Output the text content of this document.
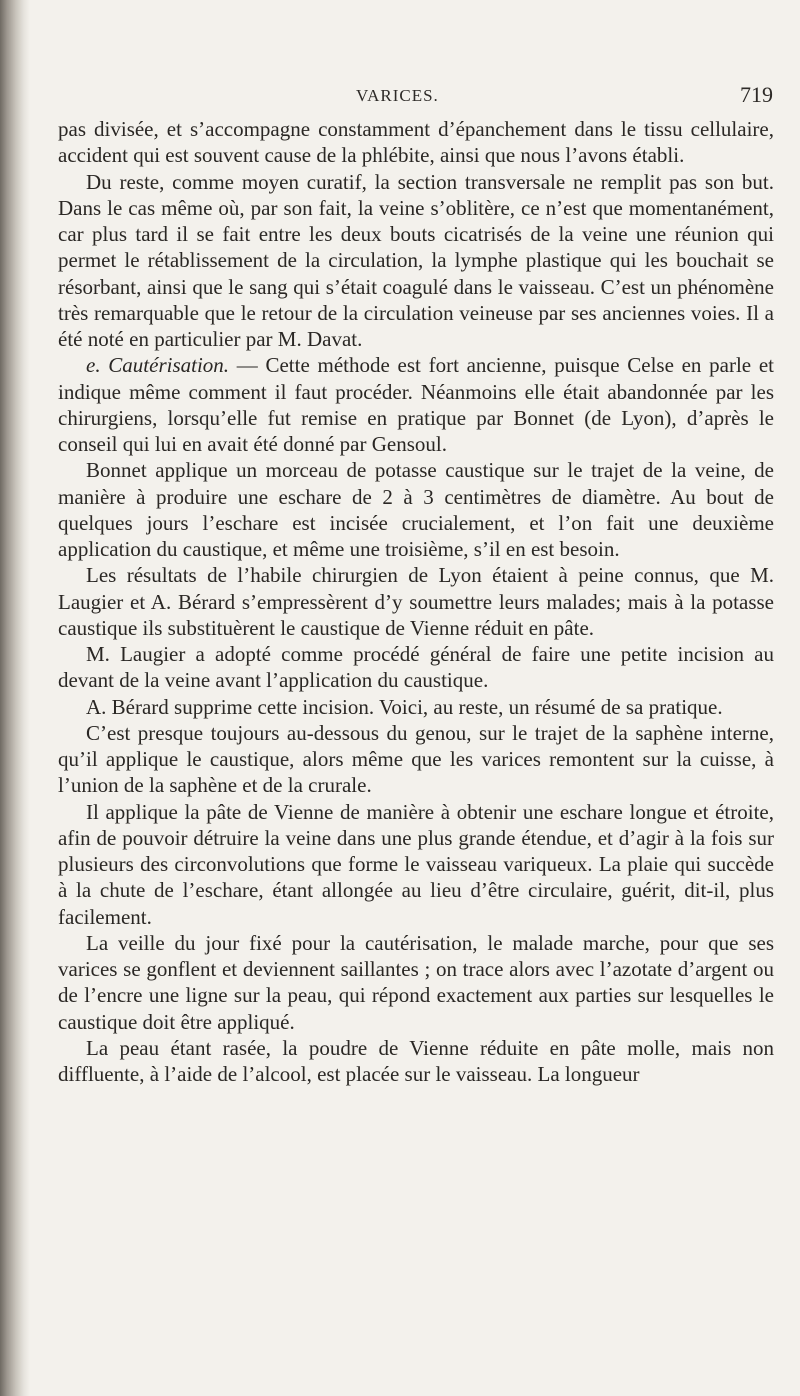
VARICES.	719

pas divisée, et s’accompagne constamment d’épanchement dans le tissu cellulaire, accident qui est souvent cause de la phlébite, ainsi que nous l’avons établi.

Du reste, comme moyen curatif, la section transversale ne remplit pas son but. Dans le cas même où, par son fait, la veine s’oblitère, ce n’est que momentanément, car plus tard il se fait entre les deux bouts cicatrisés de la veine une réunion qui permet le rétablissement de la circulation, la lymphe plastique qui les bouchait se résorbant, ainsi que le sang qui s’était coagulé dans le vaisseau. C’est un phénomène très remarquable que le retour de la circulation veineuse par ses anciennes voies. Il a été noté en particulier par M. Davat.

e. Cautérisation. — Cette méthode est fort ancienne, puisque Celse en parle et indique même comment il faut procéder. Néanmoins elle était abandonnée par les chirurgiens, lorsqu’elle fut remise en pratique par Bonnet (de Lyon), d’après le conseil qui lui en avait été donné par Gensoul.

Bonnet applique un morceau de potasse caustique sur le trajet de la veine, de manière à produire une eschare de 2 à 3 centimètres de diamètre. Au bout de quelques jours l’eschare est incisée crucialement, et l’on fait une deuxième application du caustique, et même une troisième, s’il en est besoin.

Les résultats de l’habile chirurgien de Lyon étaient à peine connus, que M. Laugier et A. Bérard s’empressèrent d’y soumettre leurs malades; mais à la potasse caustique ils substituèrent le caustique de Vienne réduit en pâte.

M. Laugier a adopté comme procédé général de faire une petite incision au devant de la veine avant l’application du caustique.

A. Bérard supprime cette incision. Voici, au reste, un résumé de sa pratique.

C’est presque toujours au-dessous du genou, sur le trajet de la saphène interne, qu’il applique le caustique, alors même que les varices remontent sur la cuisse, à l’union de la saphène et de la crurale.

Il applique la pâte de Vienne de manière à obtenir une eschare longue et étroite, afin de pouvoir détruire la veine dans une plus grande étendue, et d’agir à la fois sur plusieurs des circonvolutions que forme le vaisseau variqueux. La plaie qui succède à la chute de l’eschare, étant allongée au lieu d’être circulaire, guérit, dit-il, plus facilement.

La veille du jour fixé pour la cautérisation, le malade marche, pour que ses varices se gonflent et deviennent saillantes ; on trace alors avec l’azotate d’argent ou de l’encre une ligne sur la peau, qui répond exactement aux parties sur lesquelles le caustique doit être appliqué.

La peau étant rasée, la poudre de Vienne réduite en pâte molle, mais non diffluente, à l’aide de l’alcool, est placée sur le vaisseau. La longueur
